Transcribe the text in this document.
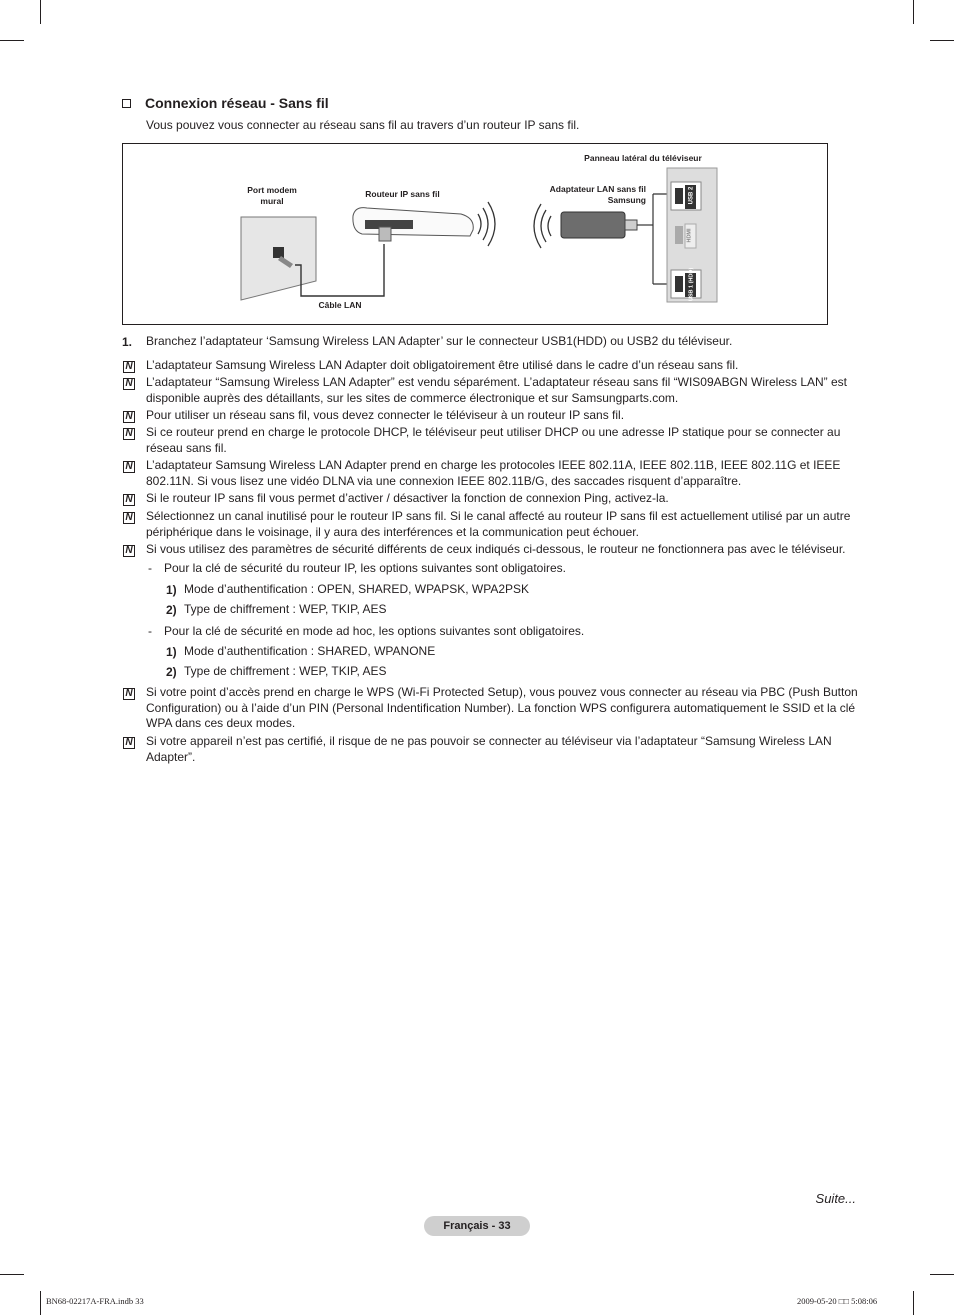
Connexion réseau - Sans fil
Vous pouvez vous connecter au réseau sans fil au travers d’un routeur IP sans fil.
Port modem mural
Routeur IP sans fil	Adaptateur LAN sans fil Samsung
Panneau latéral du téléviseur
Câble LAN
USB 2
HDMI
USB 1 (HDD)
1. Branchez l’adaptateur ‘Samsung Wireless LAN Adapter’ sur le connecteur USB1(HDD) ou USB2 du téléviseur.
N
L’adaptateur Samsung Wireless LAN Adapter doit obligatoirement être utilisé dans le cadre d’un réseau sans fil.
N
L’adaptateur “Samsung Wireless LAN Adapter” est vendu séparément. L’adaptateur réseau sans fil “WIS09ABGN Wireless LAN” est disponible auprès des détaillants, sur les sites de commerce électronique et sur Samsungparts.com.
N
Pour utiliser un réseau sans fil, vous devez connecter le téléviseur à un routeur IP sans fil.
N
Si ce routeur prend en charge le protocole DHCP, le téléviseur peut utiliser DHCP ou une adresse IP statique pour se connecter au réseau sans fil.
N
L’adaptateur Samsung Wireless LAN Adapter prend en charge les protocoles IEEE 802.11A, IEEE 802.11B, IEEE 802.11G et IEEE 802.11N. Si vous lisez une vidéo DLNA via une connexion IEEE 802.11B/G, des saccades risquent d’apparaître.
N
Si le routeur IP sans fil vous permet d’activer / désactiver la fonction de connexion Ping, activez-la.
N
Sélectionnez un canal inutilisé pour le routeur IP sans fil. Si le canal affecté au routeur IP sans fil est actuellement utilisé par un autre périphérique dans le voisinage, il y aura des interférences et la communication peut échouer.
N
Si vous utilisez des paramètres de sécurité différents de ceux indiqués ci-dessous, le routeur ne fonctionnera pas avec le téléviseur.
- Pour la clé de sécurité du routeur IP, les options suivantes sont obligatoires.
1) Mode d’authentification : OPEN, SHARED, WPAPSK, WPA2PSK
2) Type de chiffrement : WEP, TKIP, AES
- Pour la clé de sécurité en mode ad hoc, les options suivantes sont obligatoires.
1) Mode d’authentification : SHARED, WPANONE
2) Type de chiffrement : WEP, TKIP, AES
N
Si votre point d’accès prend en charge le WPS (Wi-Fi Protected Setup), vous pouvez vous connecter au réseau via PBC (Push Button Configuration) ou à l’aide d’un PIN (Personal Indentification Number). La fonction WPS configurera automatiquement le SSID et la clé WPA dans ces deux modes.
N
Si votre appareil n’est pas certifié, il risque de ne pas pouvoir se connecter au téléviseur via l’adaptateur “Samsung Wireless LAN Adapter”.
Suite...
Français - 33
BN68-02217A-FRA.indb 33	2009-05-20 □□ 5:08:06
